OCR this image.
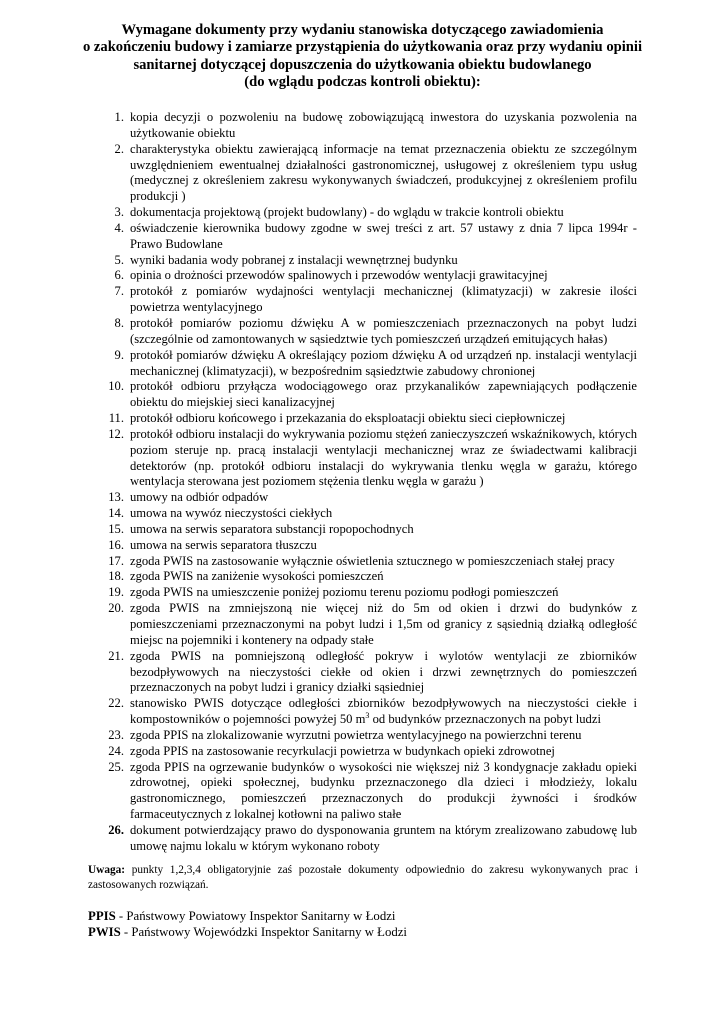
Wymagane dokumenty przy wydaniu stanowiska dotyczącego zawiadomienia
o zakończeniu budowy i zamiarze przystąpienia do użytkowania oraz przy wydaniu opinii
sanitarnej dotyczącej dopuszczenia do użytkowania obiektu budowlanego
(do wglądu podczas kontroli obiektu):
1. kopia decyzji o pozwoleniu na budowę zobowiązującą inwestora do uzyskania pozwolenia na użytkowanie obiektu
2. charakterystyka obiektu zawierającą informacje na temat przeznaczenia obiektu ze szczególnym uwzględnieniem ewentualnej działalności gastronomicznej, usługowej z określeniem typu usług (medycznej z określeniem zakresu wykonywanych świadczeń, produkcyjnej z określeniem profilu produkcji )
3. dokumentacja projektową (projekt budowlany) - do wglądu w trakcie kontroli obiektu
4. oświadczenie kierownika budowy zgodne w swej treści z art. 57 ustawy z dnia 7 lipca 1994r - Prawo Budowlane
5. wyniki badania wody pobranej z instalacji wewnętrznej budynku
6. opinia o drożności przewodów spalinowych i przewodów wentylacji grawitacyjnej
7. protokół z pomiarów wydajności wentylacji mechanicznej (klimatyzacji) w zakresie ilości powietrza wentylacyjnego
8. protokół pomiarów poziomu dźwięku A w pomieszczeniach przeznaczonych na pobyt ludzi (szczególnie od zamontowanych w sąsiedztwie tych pomieszczeń urządzeń emitujących hałas)
9. protokół pomiarów dźwięku A określający poziom dźwięku A od urządzeń np. instalacji wentylacji mechanicznej (klimatyzacji), w bezpośrednim sąsiedztwie zabudowy chronionej
10. protokół odbioru przyłącza wodociągowego oraz przykanalików zapewniających podłączenie obiektu do miejskiej sieci kanalizacyjnej
11. protokół odbioru końcowego i przekazania do eksploatacji obiektu sieci ciepłowniczej
12. protokół odbioru instalacji do wykrywania poziomu stężeń zanieczyszczeń wskaźnikowych, których poziom steruje np. pracą instalacji wentylacji mechanicznej wraz ze świadectwami kalibracji detektorów (np. protokół odbioru instalacji do wykrywania tlenku węgla w garażu, którego wentylacja sterowana jest poziomem stężenia tlenku węgla w garażu )
13. umowy na odbiór odpadów
14. umowa na wywóz nieczystości ciekłych
15. umowa na serwis separatora substancji ropopochodnych
16. umowa na serwis separatora tłuszczu
17. zgoda PWIS na zastosowanie wyłącznie oświetlenia sztucznego w pomieszczeniach stałej pracy
18. zgoda PWIS na zaniżenie wysokości pomieszczeń
19. zgoda PWIS na umieszczenie poniżej poziomu terenu poziomu podłogi pomieszczeń
20. zgoda PWIS na zmniejszoną nie więcej niż do 5m od okien i drzwi do budynków z pomieszczeniami przeznaczonymi na pobyt ludzi i 1,5m od granicy z sąsiednią działką odległość miejsc na pojemniki i kontenery na odpady stałe
21. zgoda PWIS na pomniejszoną odległość pokryw i wylotów wentylacji ze zbiorników bezodpływowych na nieczystości ciekłe od okien i drzwi zewnętrznych do pomieszczeń przeznaczonych na pobyt ludzi i granicy działki sąsiedniej
22. stanowisko PWIS dotyczące odległości zbiorników bezodpływowych na nieczystości ciekłe i kompostowników o pojemności powyżej 50 $m^3$ od budynków przeznaczonych na pobyt ludzi
23. zgoda PPIS na zlokalizowanie wyrzutni powietrza wentylacyjnego na powierzchni terenu
24. zgoda PPIS na zastosowanie recyrkulacji powietrza w budynkach opieki zdrowotnej
25. zgoda PPIS na ogrzewanie budynków o wysokości nie większej niż 3 kondygnacje zakładu opieki zdrowotnej, opieki społecznej, budynku przeznaczonego dla dzieci i młodzieży, lokalu gastronomicznego, pomieszczeń przeznaczonych do produkcji żywności i środków farmaceutycznych z lokalnej kotłowni na paliwo stałe
26. dokument potwierdzający prawo do dysponowania gruntem na którym zrealizowano zabudowę lub umowę najmu lokalu w którym wykonano roboty
Uwaga: punkty 1,2,3,4 obligatoryjnie zaś pozostałe dokumenty odpowiednio do zakresu wykonywanych prac i zastosowanych rozwiązań.
PPIS - Państwowy Powiatowy Inspektor Sanitarny w Łodzi
PWIS - Państwowy Wojewódzki Inspektor Sanitarny w Łodzi
